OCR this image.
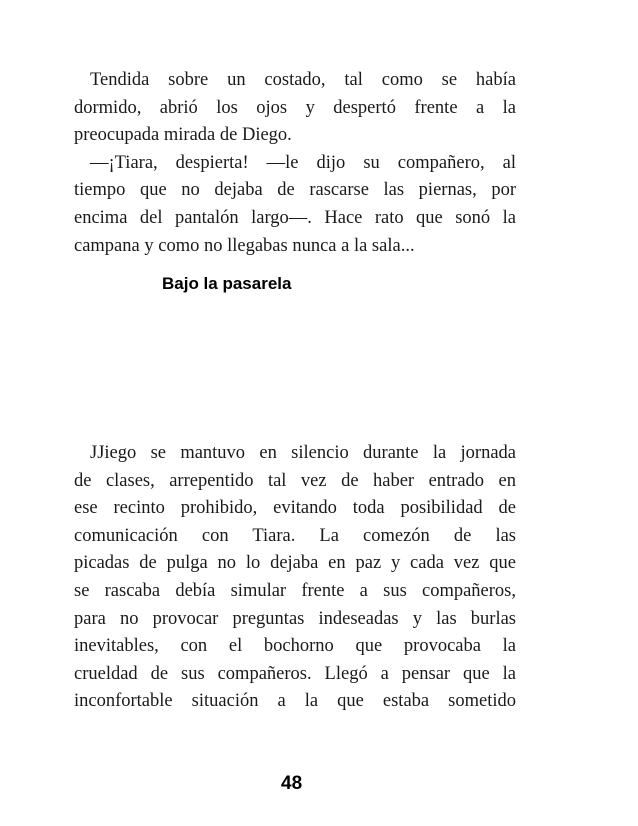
Tendida sobre un costado, tal como se había
dormido, abrió los ojos y despertó frente a la
preocupada mirada de Diego.
—¡Tiara, despierta! —le dijo su compañero, al
tiempo que no dejaba de rascarse las piernas, por
encima del pantalón largo—. Hace rato que sonó la
campana y como no llegabas nunca a la sala...
Bajo la pasarela
JJiego se mantuvo en silencio durante la jornada
de clases, arrepentido tal vez de haber entrado en
ese recinto prohibido, evitando toda posibilidad de
comunicación con Tiara. La comezón de las
picadas de pulga no lo dejaba en paz y cada vez que
se rascaba debía simular frente a sus compañeros,
para no provocar preguntas indeseadas y las burlas
inevitables, con el bochorno que provocaba la
crueldad de sus compañeros. Llegó a pensar que la
inconfortable situación a la que estaba sometido
48
